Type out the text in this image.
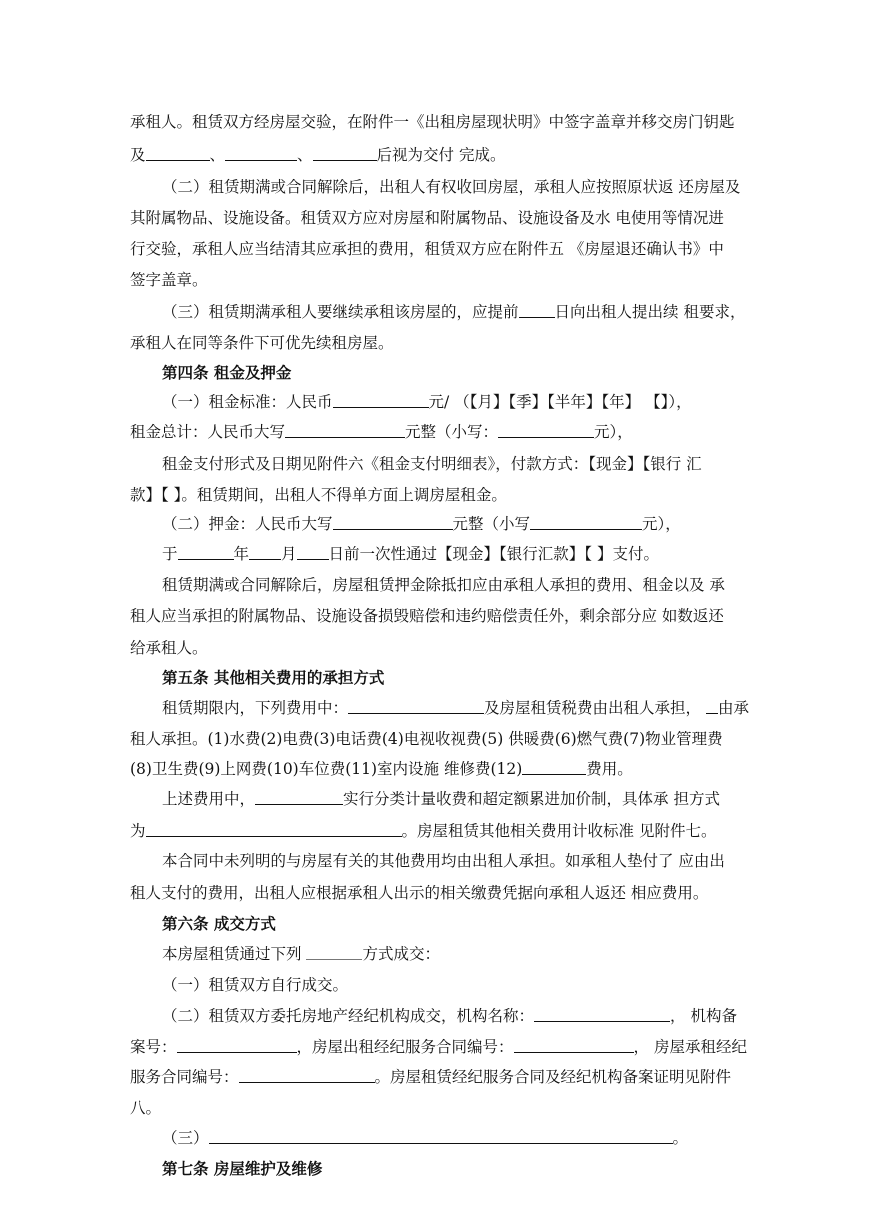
承租人。租赁双方经房屋交验，在附件一《出租房屋现状明》中签字盖章并移交房门钥匙
及	、	、	后视为交付 完成。
（二）租赁期满或合同解除后，出租人有权收回房屋，承租人应按照原状返 还房屋及
其附属物品、设施设备。租赁双方应对房屋和附属物品、设施设备及水 电使用等情况进
行交验，承租人应当结清其应承担的费用，租赁双方应在附件五 《房屋退还确认书》中
签字盖章。
（三）租赁期满承租人要继续承租该房屋的，应提前 日向出租人提出续 租要求，
承租人在同等条件下可优先续租房屋。
第四条 租金及押金
（一）租金标准：人民币	元/ （【月】【季】【半年】【年】 【】），
租金总计：人民币大写	元整（小写：	元），
租金支付形式及日期见附件六《租金支付明细表》，付款方式：【现金】【银行 汇
款】【 】。租赁期间，出租人不得单方面上调房屋租金。
（二）押金：人民币大写	元整（小写	元），
于	年 月 日前一次性通过【现金】【银行汇款】【 】支付。
租赁期满或合同解除后，房屋租赁押金除抵扣应由承租人承担的费用、租金以及 承
租人应当承担的附属物品、设施设备损毁赔偿和违约赔偿责任外，剩余部分应 如数返还
给承租人。
第五条 其他相关费用的承担方式
租赁期限内，下列费用中：	及房屋租赁税费由出租人承担， 由承
租人承担。(1)水费(2)电费(3)电话费(4)电视收视费(5) 供暖费(6)燃气费(7)物业管理费
(8)卫生费(9)上网费(10)车位费(11)室内设施 维修费(12)	费用。
上述费用中，	实行分类计量收费和超定额累进加价制，具体承 担方式
为	。房屋租赁其他相关费用计收标准 见附件七。
本合同中未列明的与房屋有关的其他费用均由出租人承担。如承租人垫付了 应由出
租人支付的费用，出租人应根据承租人出示的相关缴费凭据向承租人返还 相应费用。
第六条 成交方式
本房屋租赁通过下列	方式成交：
（一）租赁双方自行成交。
（二）租赁双方委托房地产经纪机构成交，机构名称：	， 机构备
案号：	，房屋出租经纪服务合同编号：	， 房屋承租经纪
服务合同编号：	。房屋租赁经纪服务合同及经纪机构备案证明见附件
八。
（三）	。
第七条 房屋维护及维修
